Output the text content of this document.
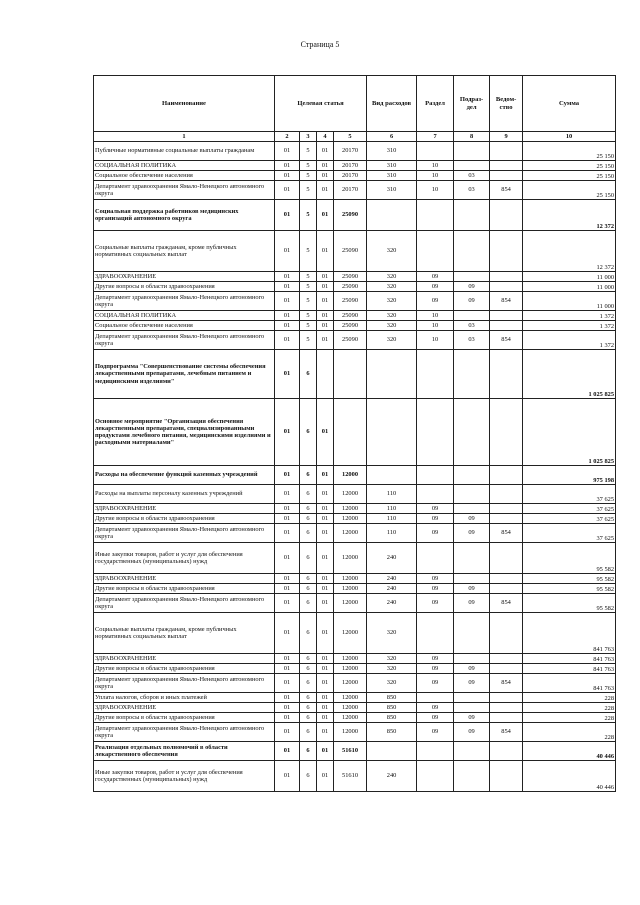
Страница 5
Наименование	Целевая статья				Вид расходов	Раздел	Подраз-дел	Ведом-ство	Сумма
1	2	3	4	5	6	7	8	9	10
Публичные нормативные социальные выплаты гражданам	01	5	01	20170	310				25 150
СОЦИАЛЬНАЯ ПОЛИТИКА	01	5	01	20170	310	10			25 150
Социальное обеспечение населения	01	5	01	20170	310	10	03		25 150
Департамент здравоохранения Ямало-Ненецкого автономного округа	01	5	01	20170	310	10	03	854	25 150
Социальная поддержка работников медицинских организаций автономного округа	01	5	01	25090					12 372
Социальные выплаты гражданам, кроме публичных нормативных социальных выплат	01	5	01	25090	320				12 372
ЗДРАВООХРАНЕНИЕ	01	5	01	25090	320	09			11 000
Другие вопросы в области здравоохранения	01	5	01	25090	320	09	09		11 000
Департамент здравоохранения Ямало-Ненецкого автономного округа	01	5	01	25090	320	09	09	854	11 000
СОЦИАЛЬНАЯ ПОЛИТИКА	01	5	01	25090	320	10			1 372
Социальное обеспечение населения	01	5	01	25090	320	10	03		1 372
Департамент здравоохранения Ямало-Ненецкого автономного округа	01	5	01	25090	320	10	03	854	1 372
Подпрограмма "Совершенствование системы обеспечения лекарственными препаратами, лечебным питанием и медицинскими изделиями"	01	6							1 025 825
Основное мероприятие "Организация обеспечения лекарственными препаратами, специализированными продуктами лечебного питания, медицинскими изделиями и расходными материалами"	01	6	01						1 025 825
Расходы на обеспечение функций казенных учреждений	01	6	01	12000					975 198
Расходы на выплаты персоналу казенных учреждений	01	6	01	12000	110				37 625
ЗДРАВООХРАНЕНИЕ	01	6	01	12000	110	09			37 625
Другие вопросы в области здравоохранения	01	6	01	12000	110	09	09		37 625
Департамент здравоохранения Ямало-Ненецкого автономного округа	01	6	01	12000	110	09	09	854	37 625
Иные закупки товаров, работ и услуг для обеспечения государственных (муниципальных) нужд	01	6	01	12000	240				95 582
ЗДРАВООХРАНЕНИЕ	01	6	01	12000	240	09			95 582
Другие вопросы в области здравоохранения	01	6	01	12000	240	09	09		95 582
Департамент здравоохранения Ямало-Ненецкого автономного округа	01	6	01	12000	240	09	09	854	95 582
Социальные выплаты гражданам, кроме публичных нормативных социальных выплат	01	6	01	12000	320				841 763
ЗДРАВООХРАНЕНИЕ	01	6	01	12000	320	09			841 763
Другие вопросы в области здравоохранения	01	6	01	12000	320	09	09		841 763
Департамент здравоохранения Ямало-Ненецкого автономного округа	01	6	01	12000	320	09	09	854	841 763
Уплата налогов, сборов и иных платежей	01	6	01	12000	850				228
ЗДРАВООХРАНЕНИЕ	01	6	01	12000	850	09			228
Другие вопросы в области здравоохранения	01	6	01	12000	850	09	09		228
Департамент здравоохранения Ямало-Ненецкого автономного округа	01	6	01	12000	850	09	09	854	228
Реализация отдельных полномочий в области лекарственного обеспечения	01	6	01	51610					40 446
Иные закупки товаров, работ и услуг для обеспечения государственных (муниципальных) нужд	01	6	01	51610	240				40 446
